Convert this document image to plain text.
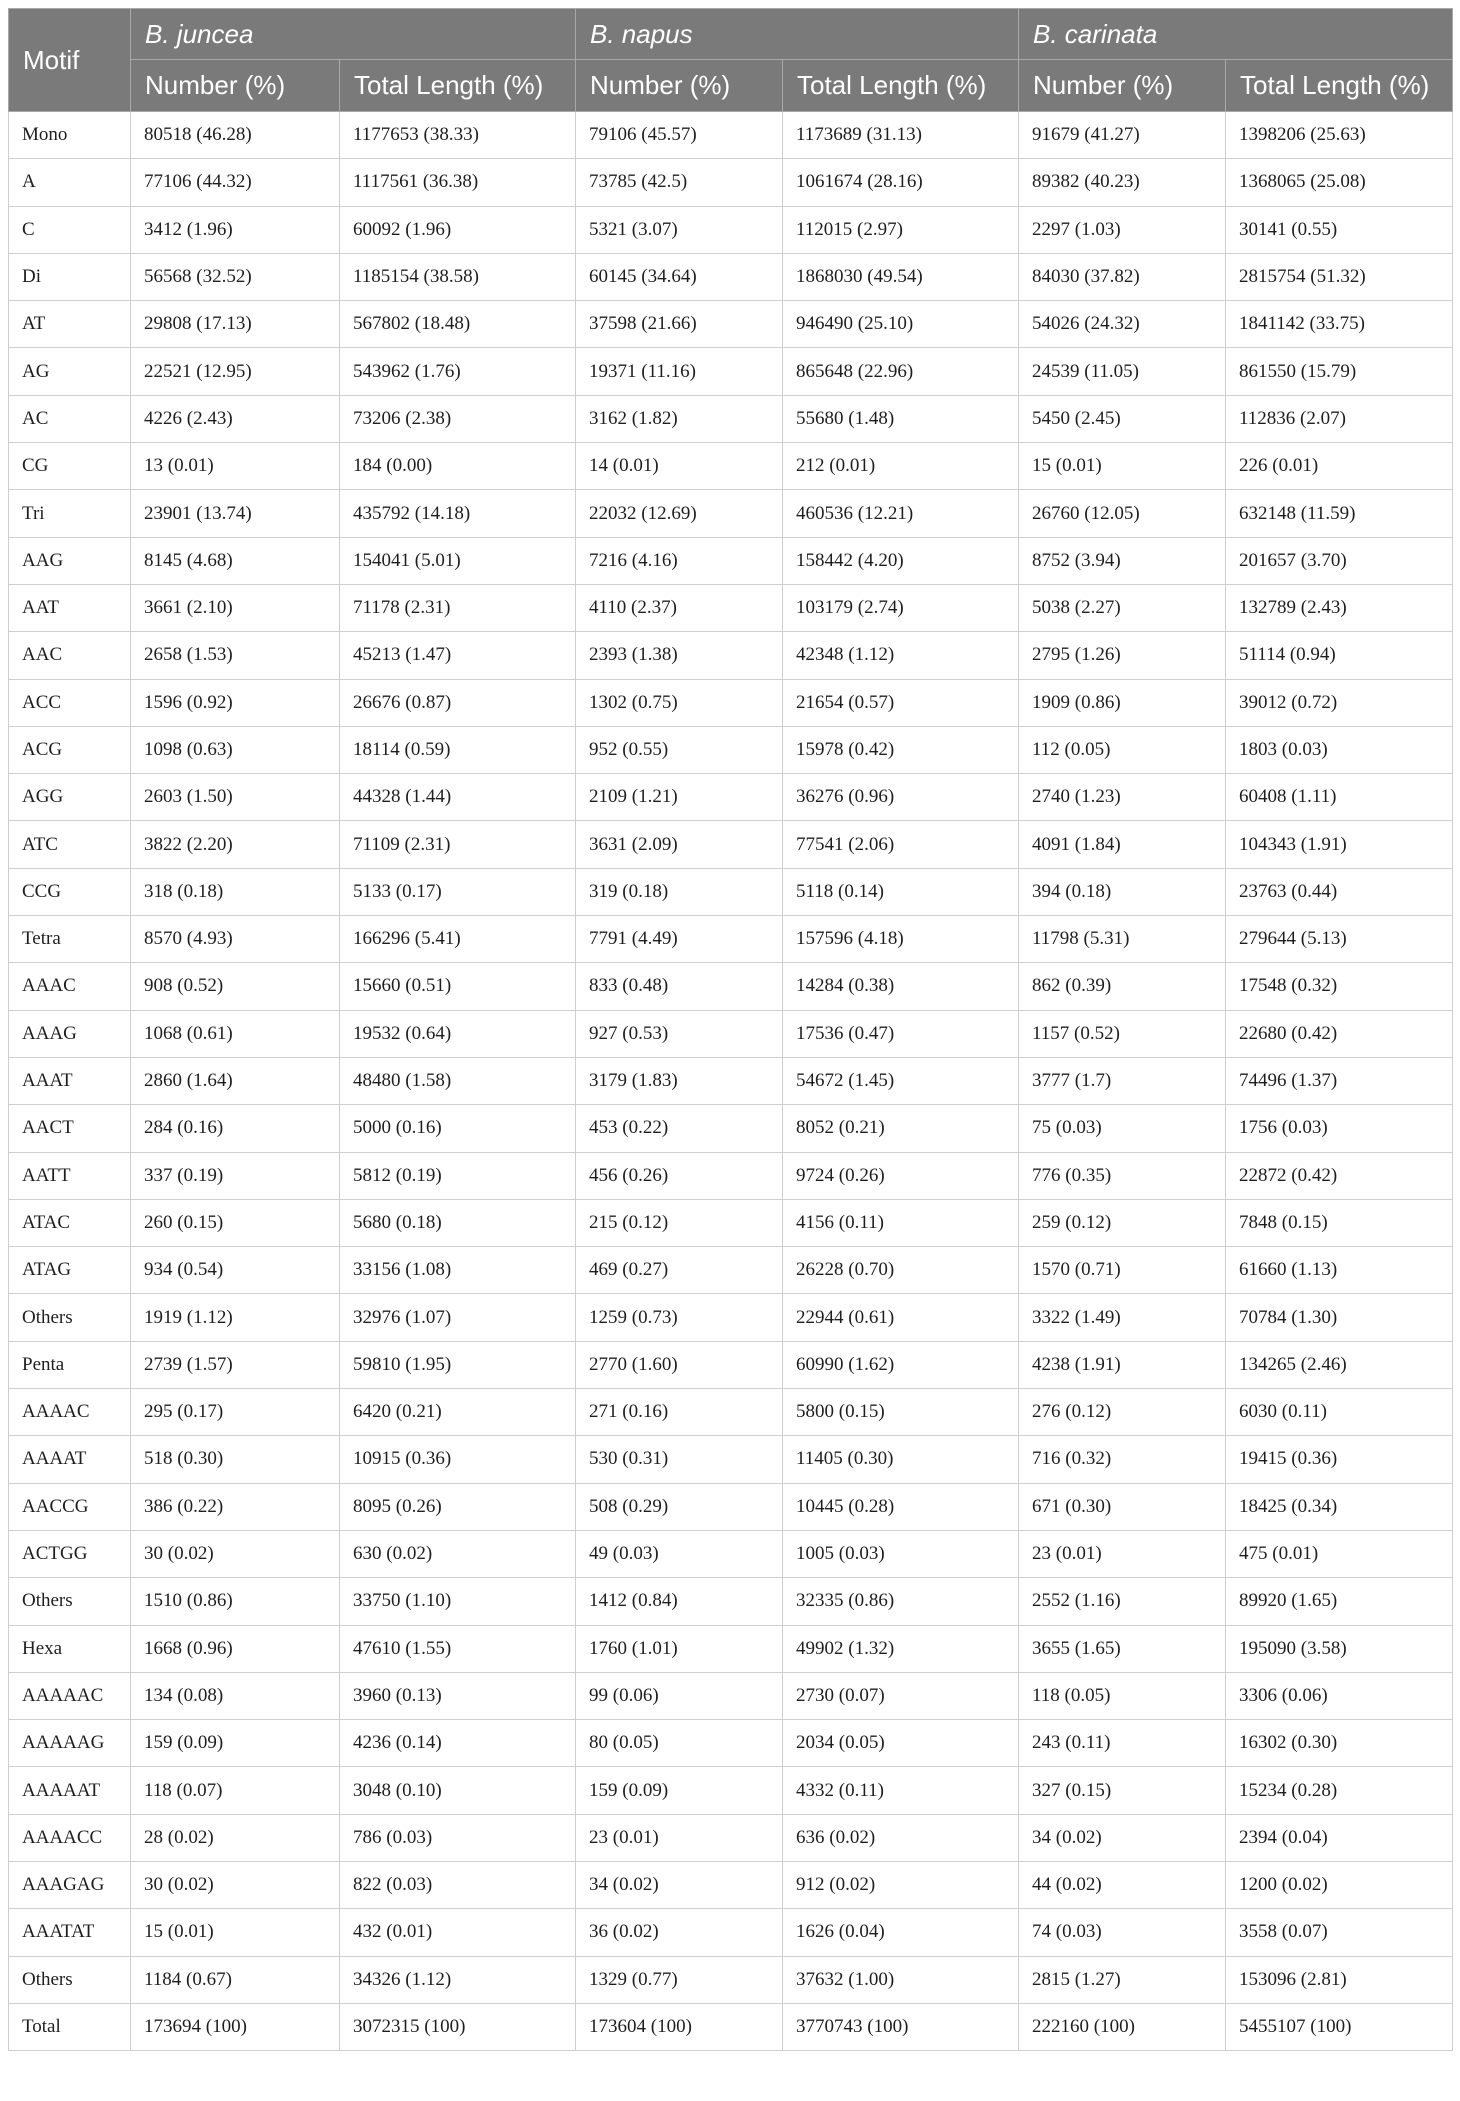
Motif	B. juncea		B. napus		B. carinata	
	Number (%)	Total Length (%)	Number (%)	Total Length (%)	Number (%)	Total Length (%)
Mono	80518 (46.28)	1177653 (38.33)	79106 (45.57)	1173689 (31.13)	91679 (41.27)	1398206 (25.63)
A	77106 (44.32)	1117561 (36.38)	73785 (42.5)	1061674 (28.16)	89382 (40.23)	1368065 (25.08)
C	3412 (1.96)	60092 (1.96)	5321 (3.07)	112015 (2.97)	2297 (1.03)	30141 (0.55)
Di	56568 (32.52)	1185154 (38.58)	60145 (34.64)	1868030 (49.54)	84030 (37.82)	2815754 (51.32)
AT	29808 (17.13)	567802 (18.48)	37598 (21.66)	946490 (25.10)	54026 (24.32)	1841142 (33.75)
AG	22521 (12.95)	543962 (1.76)	19371 (11.16)	865648 (22.96)	24539 (11.05)	861550 (15.79)
AC	4226 (2.43)	73206 (2.38)	3162 (1.82)	55680 (1.48)	5450 (2.45)	112836 (2.07)
CG	13 (0.01)	184 (0.00)	14 (0.01)	212 (0.01)	15 (0.01)	226 (0.01)
Tri	23901 (13.74)	435792 (14.18)	22032 (12.69)	460536 (12.21)	26760 (12.05)	632148 (11.59)
AAG	8145 (4.68)	154041 (5.01)	7216 (4.16)	158442 (4.20)	8752 (3.94)	201657 (3.70)
AAT	3661 (2.10)	71178 (2.31)	4110 (2.37)	103179 (2.74)	5038 (2.27)	132789 (2.43)
AAC	2658 (1.53)	45213 (1.47)	2393 (1.38)	42348 (1.12)	2795 (1.26)	51114 (0.94)
ACC	1596 (0.92)	26676 (0.87)	1302 (0.75)	21654 (0.57)	1909 (0.86)	39012 (0.72)
ACG	1098 (0.63)	18114 (0.59)	952 (0.55)	15978 (0.42)	112 (0.05)	1803 (0.03)
AGG	2603 (1.50)	44328 (1.44)	2109 (1.21)	36276 (0.96)	2740 (1.23)	60408 (1.11)
ATC	3822 (2.20)	71109 (2.31)	3631 (2.09)	77541 (2.06)	4091 (1.84)	104343 (1.91)
CCG	318 (0.18)	5133 (0.17)	319 (0.18)	5118 (0.14)	394 (0.18)	23763 (0.44)
Tetra	8570 (4.93)	166296 (5.41)	7791 (4.49)	157596 (4.18)	11798 (5.31)	279644 (5.13)
AAAC	908 (0.52)	15660 (0.51)	833 (0.48)	14284 (0.38)	862 (0.39)	17548 (0.32)
AAAG	1068 (0.61)	19532 (0.64)	927 (0.53)	17536 (0.47)	1157 (0.52)	22680 (0.42)
AAAT	2860 (1.64)	48480 (1.58)	3179 (1.83)	54672 (1.45)	3777 (1.7)	74496 (1.37)
AACT	284 (0.16)	5000 (0.16)	453 (0.22)	8052 (0.21)	75 (0.03)	1756 (0.03)
AATT	337 (0.19)	5812 (0.19)	456 (0.26)	9724 (0.26)	776 (0.35)	22872 (0.42)
ATAC	260 (0.15)	5680 (0.18)	215 (0.12)	4156 (0.11)	259 (0.12)	7848 (0.15)
ATAG	934 (0.54)	33156 (1.08)	469 (0.27)	26228 (0.70)	1570 (0.71)	61660 (1.13)
Others	1919 (1.12)	32976 (1.07)	1259 (0.73)	22944 (0.61)	3322 (1.49)	70784 (1.30)
Penta	2739 (1.57)	59810 (1.95)	2770 (1.60)	60990 (1.62)	4238 (1.91)	134265 (2.46)
AAAAC	295 (0.17)	6420 (0.21)	271 (0.16)	5800 (0.15)	276 (0.12)	6030 (0.11)
AAAAT	518 (0.30)	10915 (0.36)	530 (0.31)	11405 (0.30)	716 (0.32)	19415 (0.36)
AACCG	386 (0.22)	8095 (0.26)	508 (0.29)	10445 (0.28)	671 (0.30)	18425 (0.34)
ACTGG	30 (0.02)	630 (0.02)	49 (0.03)	1005 (0.03)	23 (0.01)	475 (0.01)
Others	1510 (0.86)	33750 (1.10)	1412 (0.84)	32335 (0.86)	2552 (1.16)	89920 (1.65)
Hexa	1668 (0.96)	47610 (1.55)	1760 (1.01)	49902 (1.32)	3655 (1.65)	195090 (3.58)
AAAAAC	134 (0.08)	3960 (0.13)	99 (0.06)	2730 (0.07)	118 (0.05)	3306 (0.06)
AAAAAG	159 (0.09)	4236 (0.14)	80 (0.05)	2034 (0.05)	243 (0.11)	16302 (0.30)
AAAAAT	118 (0.07)	3048 (0.10)	159 (0.09)	4332 (0.11)	327 (0.15)	15234 (0.28)
AAAACC	28 (0.02)	786 (0.03)	23 (0.01)	636 (0.02)	34 (0.02)	2394 (0.04)
AAAGAG	30 (0.02)	822 (0.03)	34 (0.02)	912 (0.02)	44 (0.02)	1200 (0.02)
AAATAT	15 (0.01)	432 (0.01)	36 (0.02)	1626 (0.04)	74 (0.03)	3558 (0.07)
Others	1184 (0.67)	34326 (1.12)	1329 (0.77)	37632 (1.00)	2815 (1.27)	153096 (2.81)
Total	173694 (100)	3072315 (100)	173604 (100)	3770743 (100)	222160 (100)	5455107 (100)
